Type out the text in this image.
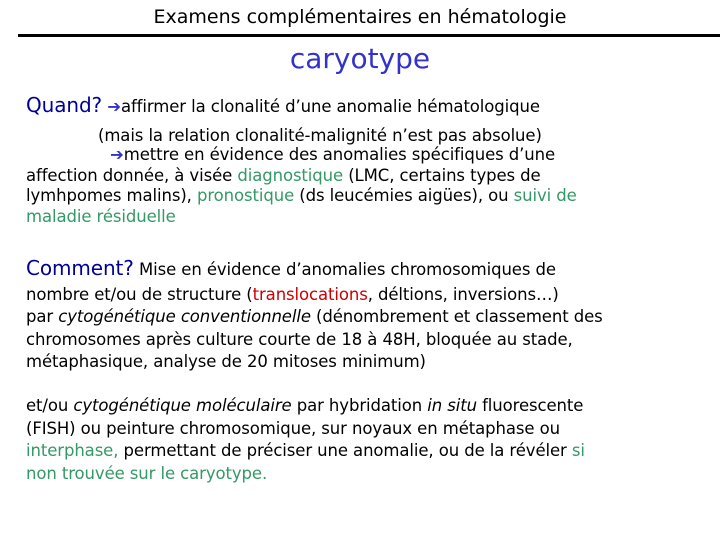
Examens complémentaires en hématologie
caryotype
Quand? ➔affirmer la clonalité d’une anomalie hématologique
(mais la relation clonalité-malignité n’est pas absolue)
➔mettre en évidence des anomalies spécifiques d’une
affection donnée, à visée diagnostique (LMC, certains types de
lymhpomes malins), pronostique (ds leucémies aigües), ou suivi de
maladie résiduelle
Comment? Mise en évidence d’anomalies chromosomiques de
nombre et/ou de structure (translocations, déltions, inversions…)
par cytogénétique conventionnelle (dénombrement et classement des
chromosomes après culture courte de 18 à 48H, bloquée au stade,
métaphasique, analyse de 20 mitoses minimum)
et/ou cytogénétique moléculaire par hybridation in situ fluorescente
(FISH) ou peinture chromosomique, sur noyaux en métaphase ou
interphase, permettant de préciser une anomalie, ou de la révéler si
non trouvée sur le caryotype.
